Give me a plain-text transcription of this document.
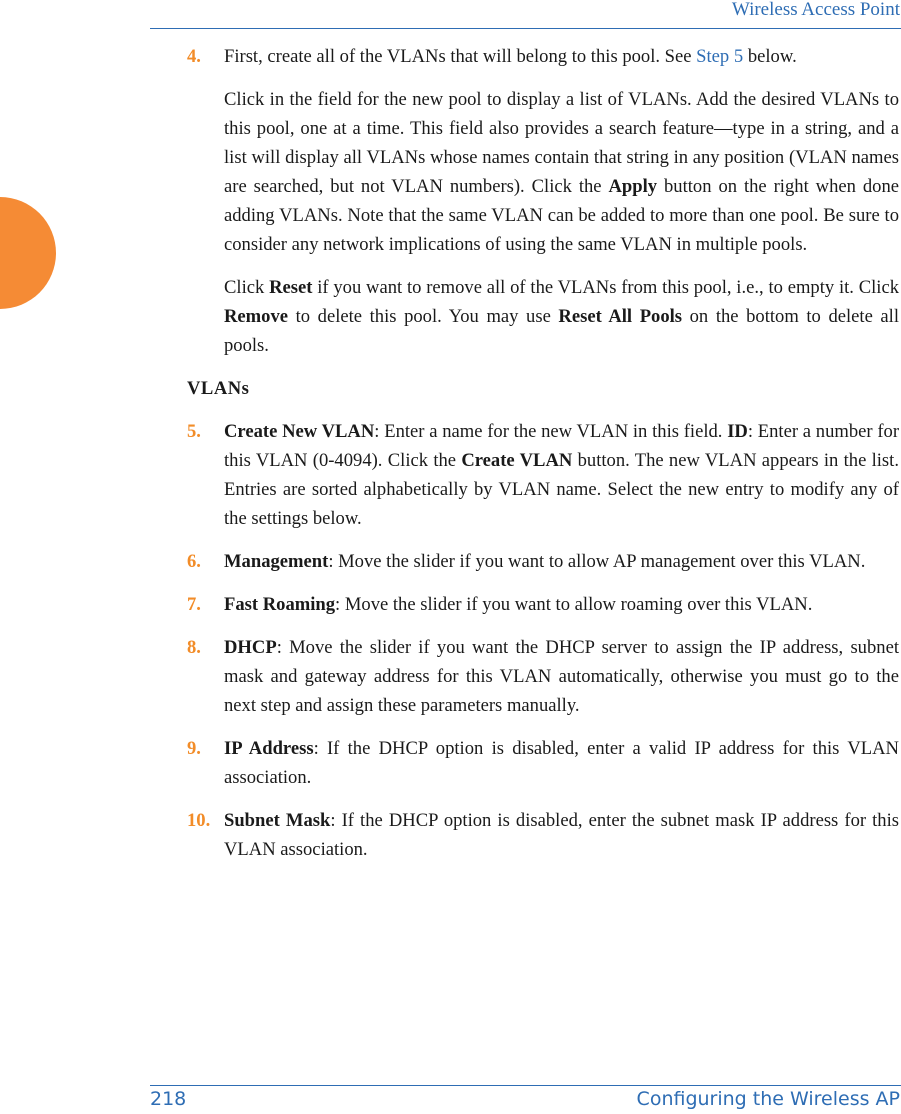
Wireless Access Point
4. First, create all of the VLANs that will belong to this pool. See Step 5 below.

Click in the field for the new pool to display a list of VLANs. Add the desired VLANs to this pool, one at a time. This field also provides a search feature—type in a string, and a list will display all VLANs whose names contain that string in any position (VLAN names are searched, but not VLAN numbers). Click the Apply button on the right when done adding VLANs. Note that the same VLAN can be added to more than one pool. Be sure to consider any network implications of using the same VLAN in multiple pools.

Click Reset if you want to remove all of the VLANs from this pool, i.e., to empty it. Click Remove to delete this pool. You may use Reset All Pools on the bottom to delete all pools.

VLANs
5. Create New VLAN: Enter a name for the new VLAN in this field. ID: Enter a number for this VLAN (0-4094). Click the Create VLAN button. The new VLAN appears in the list. Entries are sorted alphabetically by VLAN name. Select the new entry to modify any of the settings below.

6. Management: Move the slider if you want to allow AP management over this VLAN.

7. Fast Roaming: Move the slider if you want to allow roaming over this VLAN.

8. DHCP: Move the slider if you want the DHCP server to assign the IP address, subnet mask and gateway address for this VLAN automatically, otherwise you must go to the next step and assign these parameters manually.

9. IP Address: If the DHCP option is disabled, enter a valid IP address for this VLAN association.

10. Subnet Mask: If the DHCP option is disabled, enter the subnet mask IP address for this VLAN association.

218	Configuring the Wireless AP
